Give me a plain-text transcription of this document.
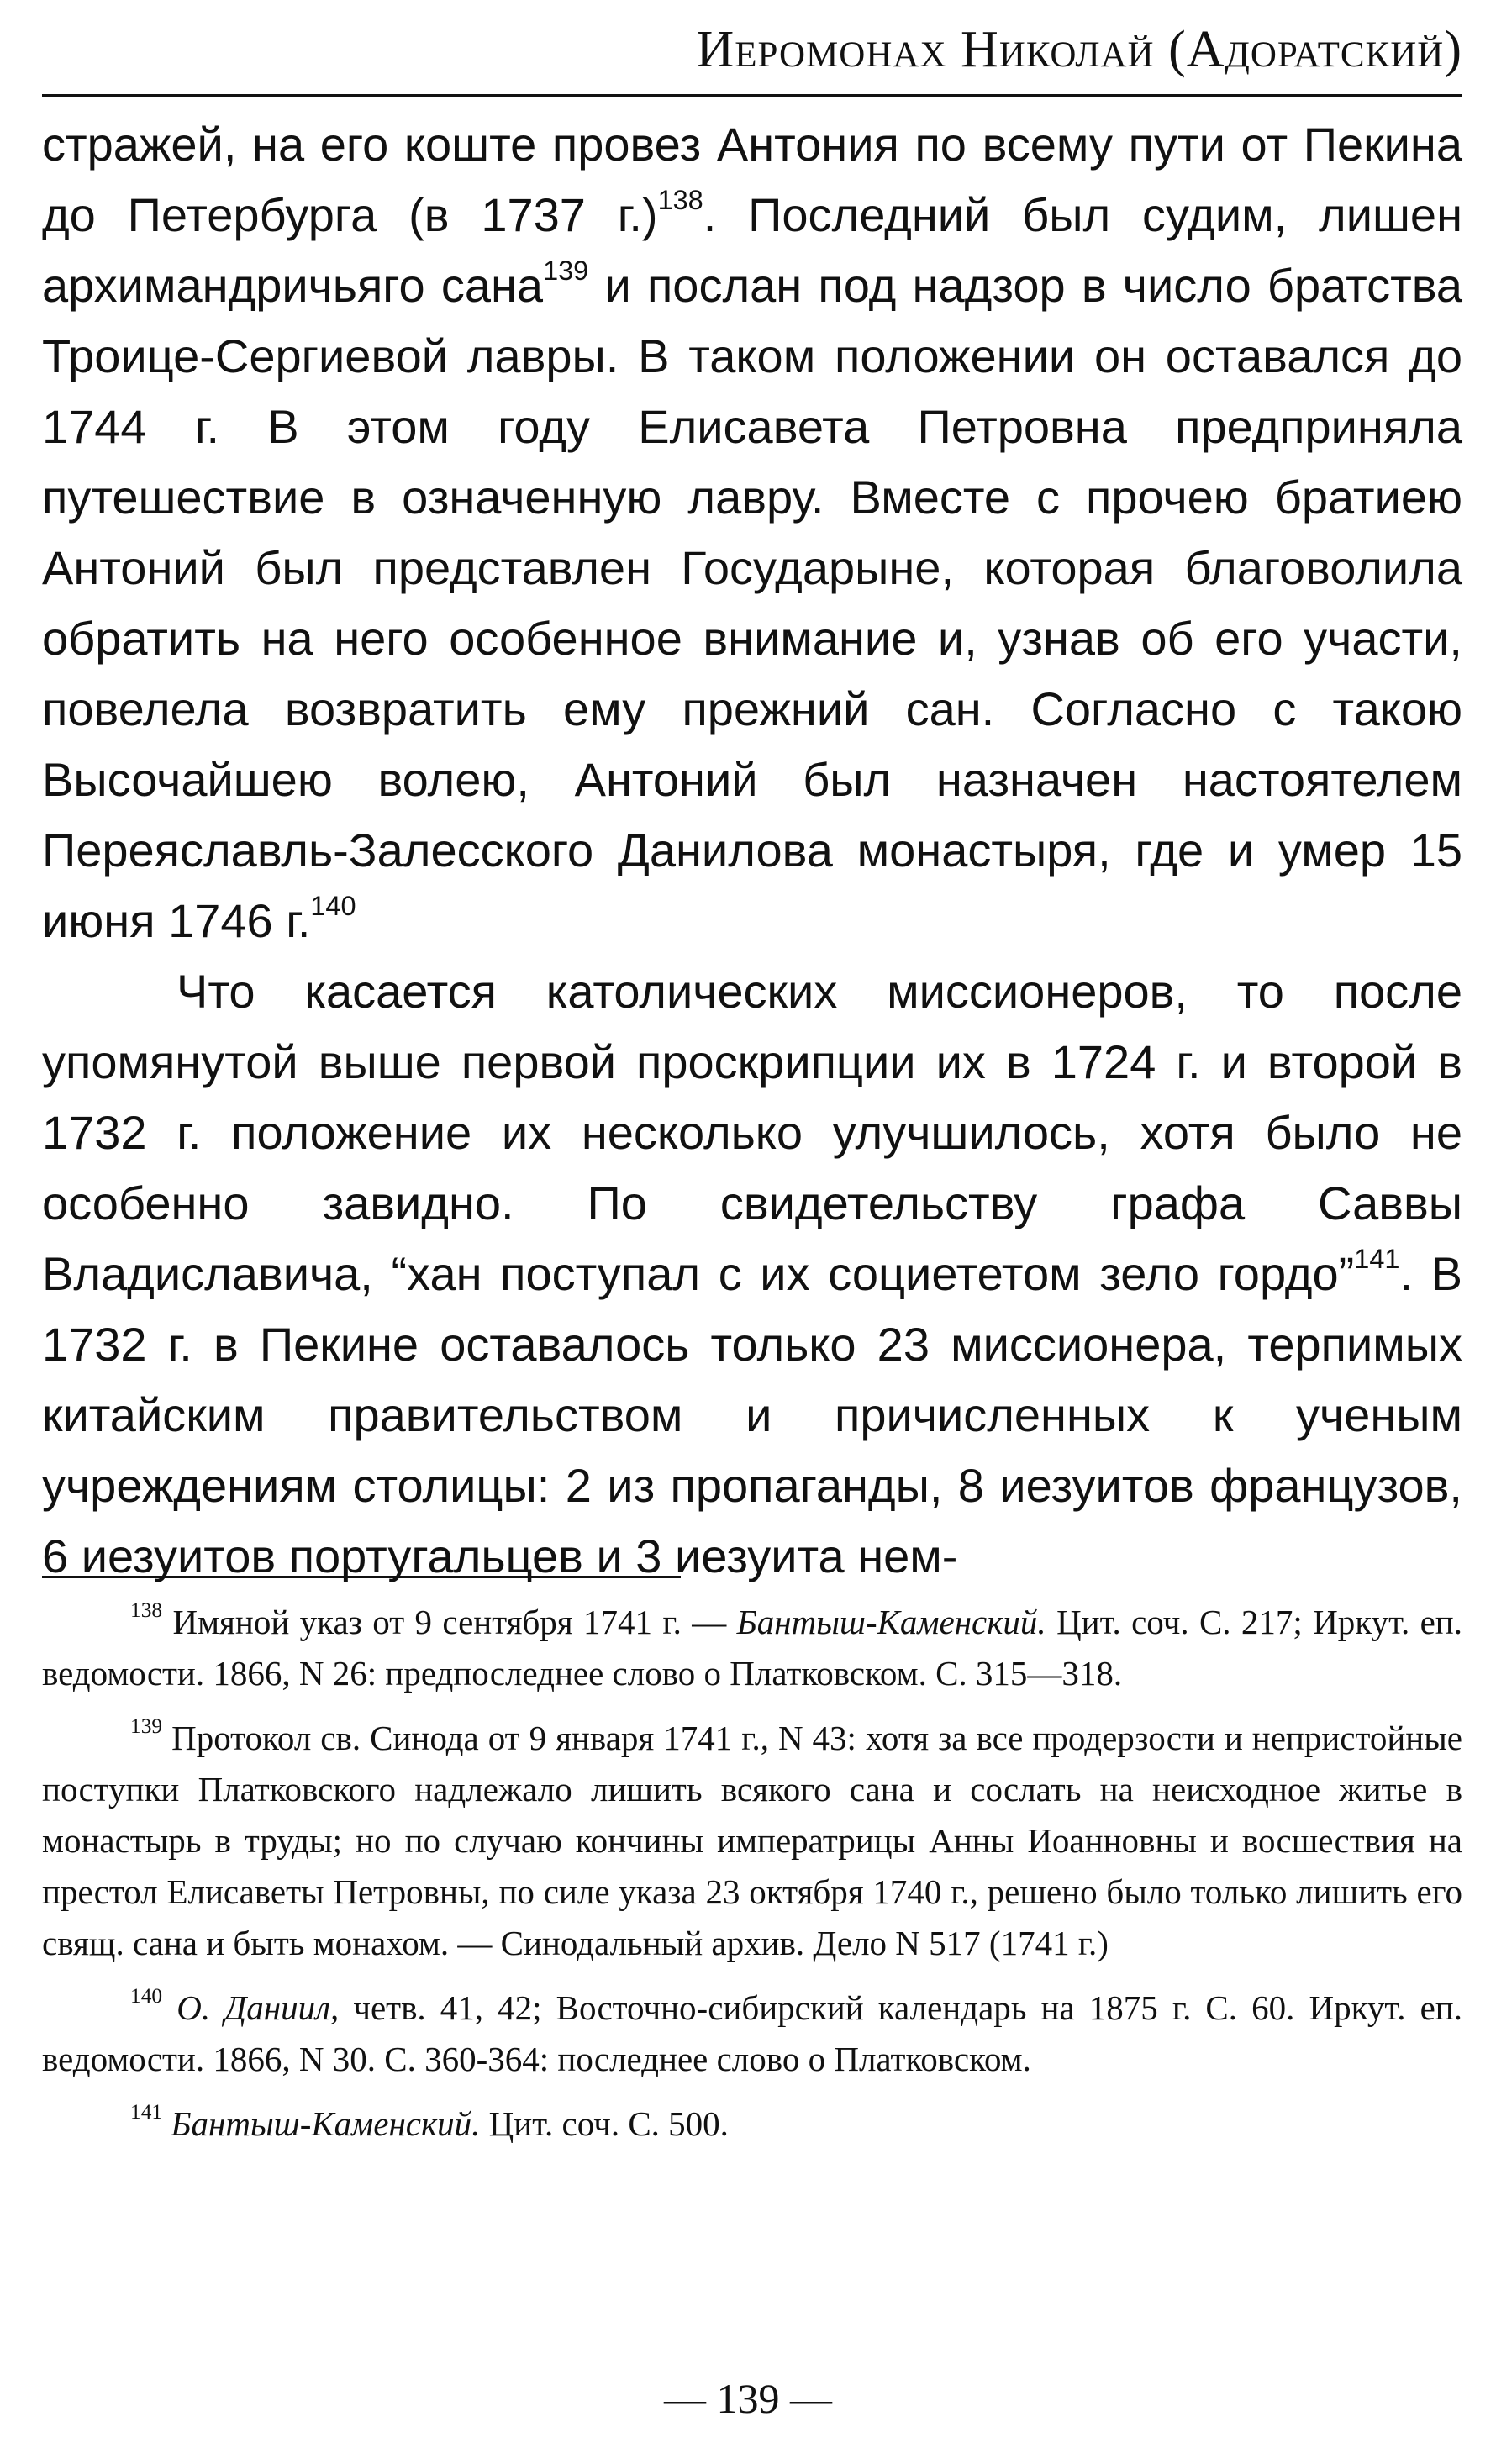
Иеромонах Николай (Адоратский)

стражей, на его коште провез Антония по всему пути от Пекина до Петербурга (в 1737 г.)$^{138}$. Последний был судим, лишен архимандричьяго сана$^{139}$ и послан под надзор в число братства Троице-Сергиевой лавры. В таком положении он оставался до 1744 г. В этом году Елисавета Петровна предприняла путешествие в означенную лавру. Вместе с прочею братиею Антоний был представлен Государыне, которая благоволила обратить на него особенное внимание и, узнав об его участи, повелела возвратить ему прежний сан. Согласно с такою Высочайшею волею, Антоний был назначен настоятелем Переяславль-Залесского Данилова монастыря, где и умер 15 июня 1746 г.$^{140}$

Что касается католических миссионеров, то после упомянутой выше первой проскрипции их в 1724 г. и второй в 1732 г. положение их несколько улучшилось, хотя было не особенно завидно. По свидетельству графа Саввы Владиславича, “хан поступал с их социететом зело гордо”$^{141}$. В 1732 г. в Пекине оставалось только 23 миссионера, терпимых китайским правительством и причисленных к ученым учреждениям столицы: 2 из пропаганды, 8 иезуитов французов, 6 иезуитов португальцев и 3 иезуита нем-

$^{138}$ Имяной указ от 9 сентября 1741 г. — Бантыш-Каменский. Цит. соч. С. 217; Иркут. еп. ведомости. 1866, N 26: предпоследнее слово о Платковском. С. 315—318.

$^{139}$ Протокол св. Синода от 9 января 1741 г., N 43: хотя за все продерзости и непристойные поступки Платковского надлежало лишить всякого сана и сослать на неисходное житье в монастырь в труды; но по случаю кончины императрицы Анны Иоанновны и восшествия на престол Елисаветы Петровны, по силе указа 23 октября 1740 г., решено было только лишить его свящ. сана и быть монахом. — Синодальный архив. Дело N 517 (1741 г.)

$^{140}$ О. Даниил, четв. 41, 42; Восточно-сибирский календарь на 1875 г. С. 60. Иркут. еп. ведомости. 1866, N 30. С. 360-364: последнее слово о Платковском.

$^{141}$ Бантыш-Каменский. Цит. соч. С. 500.

— 139 —
